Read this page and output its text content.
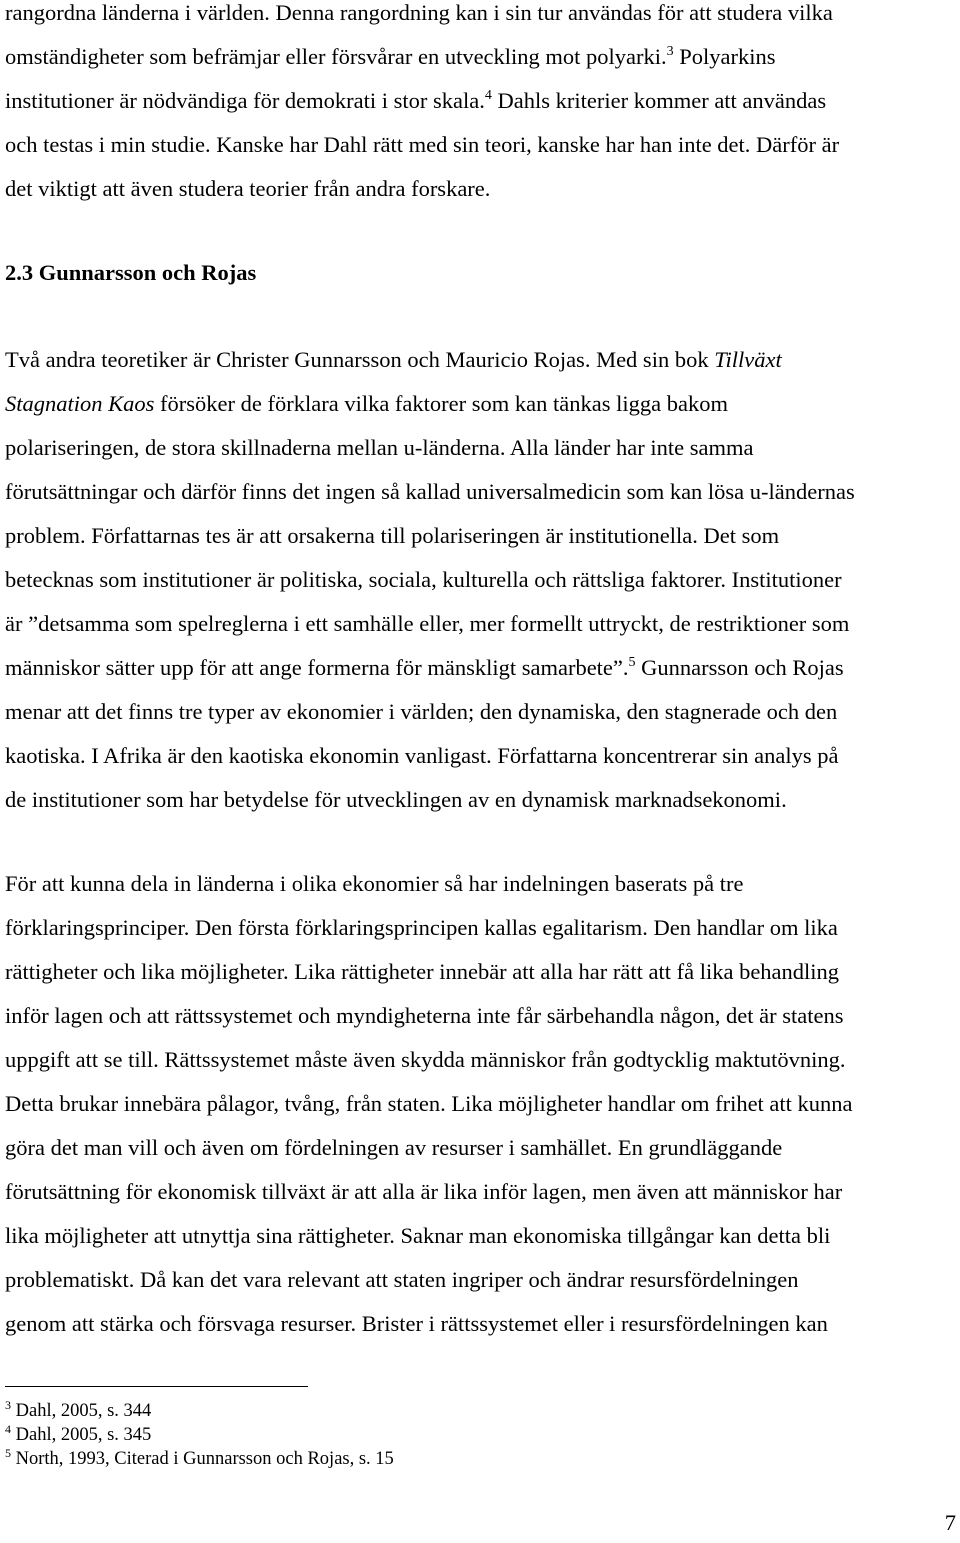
rangordna länderna i världen. Denna rangordning kan i sin tur användas för att studera vilka
omständigheter som befrämjar eller försvårar en utveckling mot polyarki.$^3$ Polyarkins
institutioner är nödvändiga för demokrati i stor skala.$^4$ Dahls kriterier kommer att användas
och testas i min studie. Kanske har Dahl rätt med sin teori, kanske har han inte det. Därför är
det viktigt att även studera teorier från andra forskare.
2.3 Gunnarsson och Rojas
Två andra teoretiker är Christer Gunnarsson och Mauricio Rojas. Med sin bok Tillväxt
Stagnation Kaos försöker de förklara vilka faktorer som kan tänkas ligga bakom
polariseringen, de stora skillnaderna mellan u-länderna. Alla länder har inte samma
förutsättningar och därför finns det ingen så kallad universalmedicin som kan lösa u-ländernas
problem. Författarnas tes är att orsakerna till polariseringen är institutionella. Det som
betecknas som institutioner är politiska, sociala, kulturella och rättsliga faktorer. Institutioner
är ”detsamma som spelreglerna i ett samhälle eller, mer formellt uttryckt, de restriktioner som
människor sätter upp för att ange formerna för mänskligt samarbete”.$^5$ Gunnarsson och Rojas
menar att det finns tre typer av ekonomier i världen; den dynamiska, den stagnerade och den
kaotiska. I Afrika är den kaotiska ekonomin vanligast. Författarna koncentrerar sin analys på
de institutioner som har betydelse för utvecklingen av en dynamisk marknadsekonomi.
För att kunna dela in länderna i olika ekonomier så har indelningen baserats på tre
förklaringsprinciper. Den första förklaringsprincipen kallas egalitarism. Den handlar om lika
rättigheter och lika möjligheter. Lika rättigheter innebär att alla har rätt att få lika behandling
inför lagen och att rättssystemet och myndigheterna inte får särbehandla någon, det är statens
uppgift att se till. Rättssystemet måste även skydda människor från godtycklig maktutövning.
Detta brukar innebära pålagor, tvång, från staten. Lika möjligheter handlar om frihet att kunna
göra det man vill och även om fördelningen av resurser i samhället. En grundläggande
förutsättning för ekonomisk tillväxt är att alla är lika inför lagen, men även att människor har
lika möjligheter att utnyttja sina rättigheter. Saknar man ekonomiska tillgångar kan detta bli
problematiskt. Då kan det vara relevant att staten ingriper och ändrar resursfördelningen
genom att stärka och försvaga resurser. Brister i rättssystemet eller i resursfördelningen kan
$^3$ Dahl, 2005, s. 344
$^4$ Dahl, 2005, s. 345
$^5$ North, 1993, Citerad i Gunnarsson och Rojas, s. 15
7
